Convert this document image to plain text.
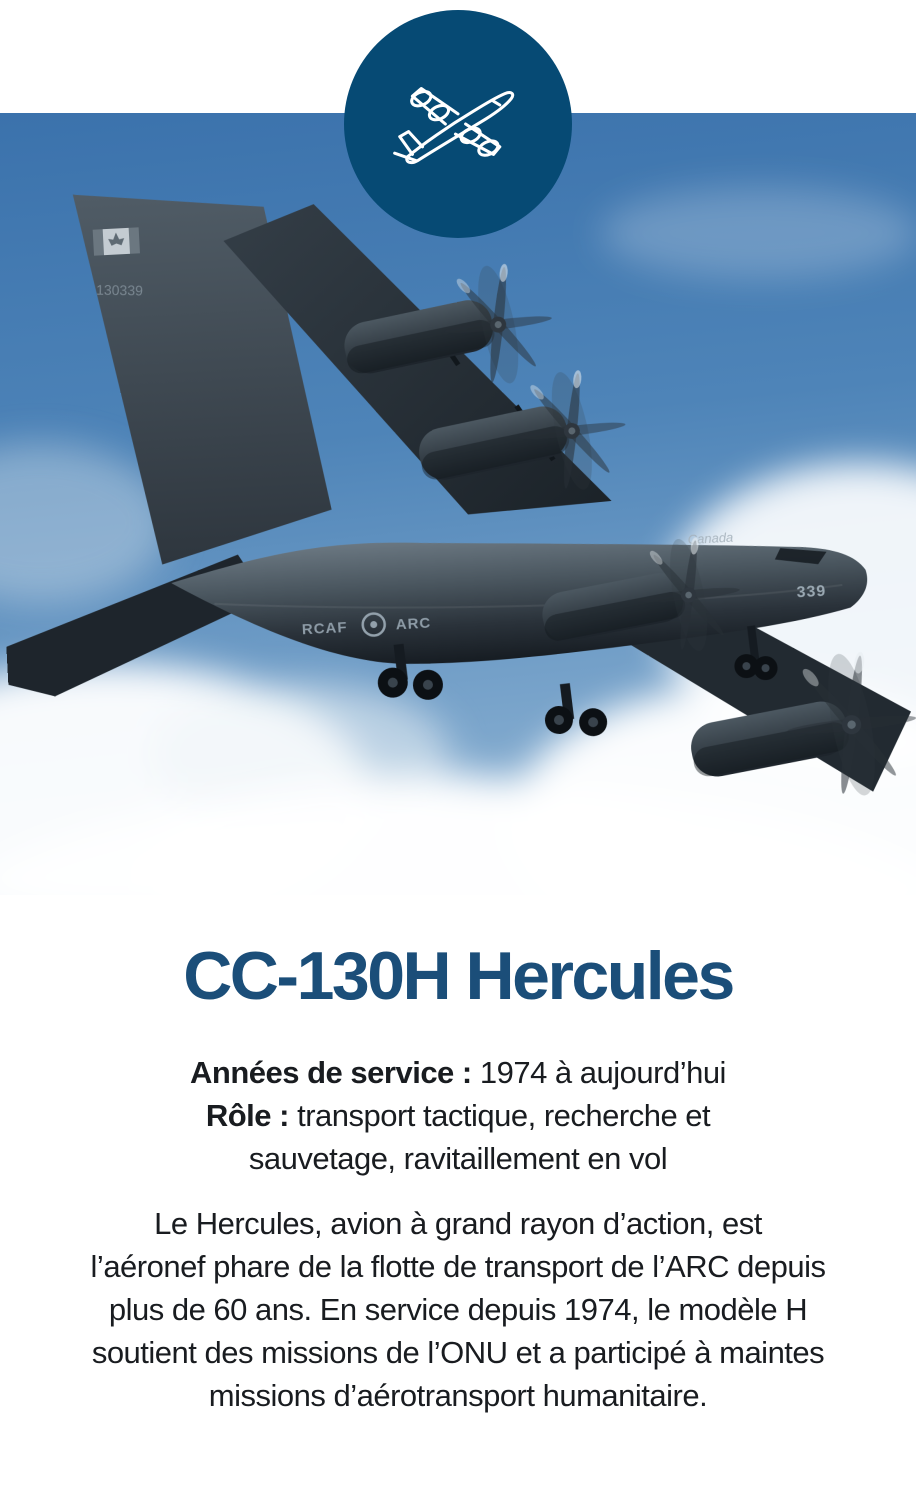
130339
RCAF	ARC
339
Canada
CC-130H Hercules
Années de service : 1974 à aujourd’hui
Rôle : transport tactique, recherche et
sauvetage, ravitaillement en vol
Le Hercules, avion à grand rayon d’action, est
l’aéronef phare de la flotte de transport de l’ARC depuis
plus de 60 ans. En service depuis 1974, le modèle H
soutient des missions de l’ONU et a participé à maintes
missions d’aérotransport humanitaire.
